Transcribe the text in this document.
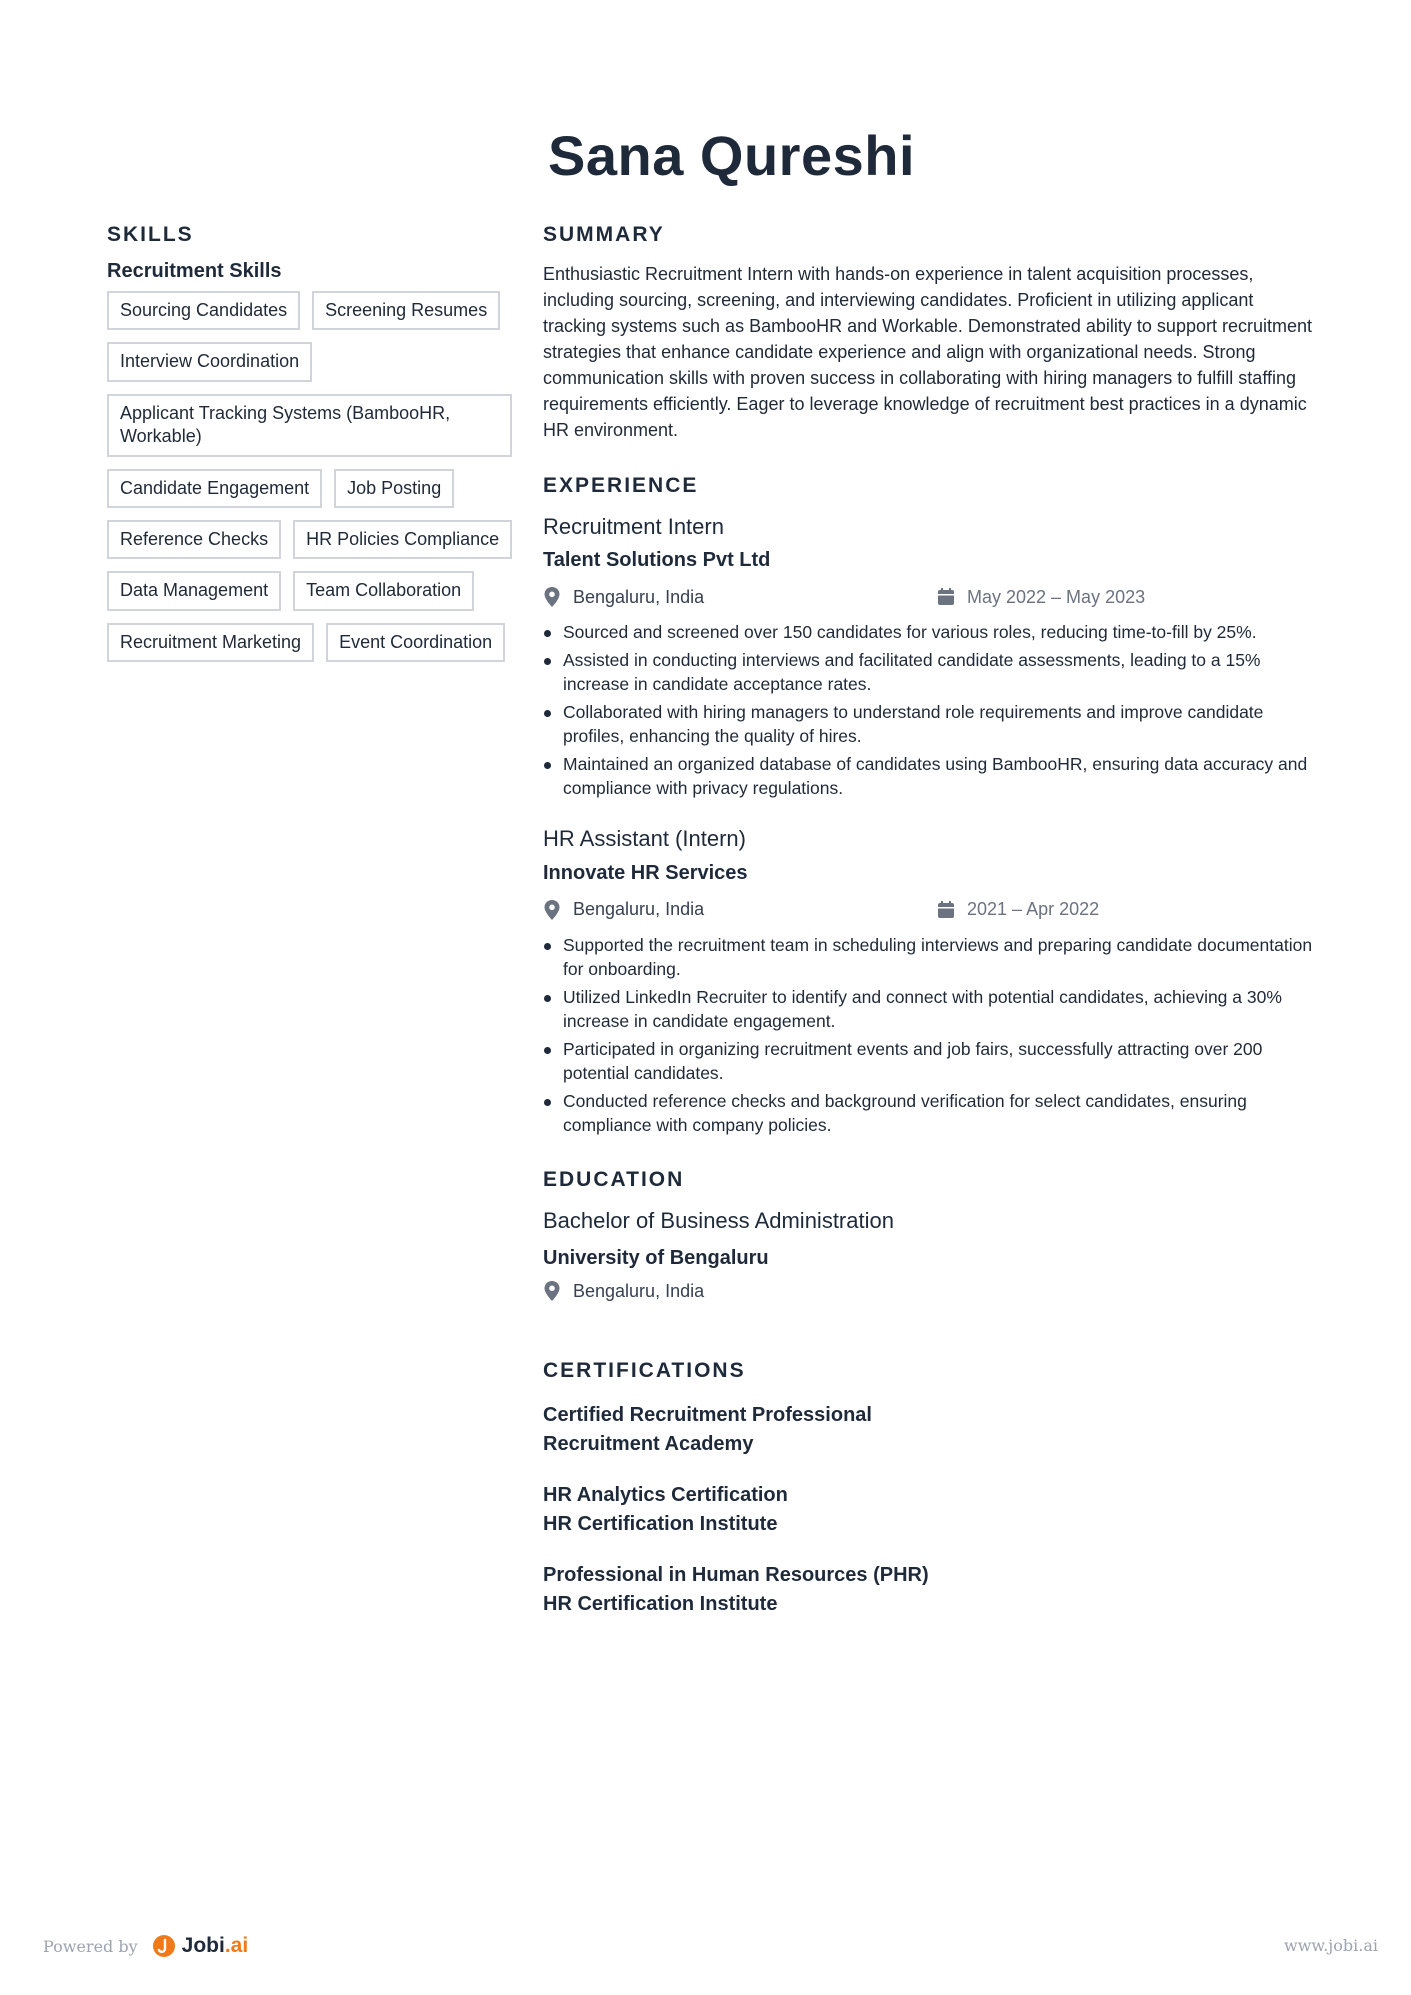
Sana Qureshi
SKILLS
Recruitment Skills
Sourcing Candidates	Screening Resumes
Interview Coordination
Applicant Tracking Systems (BambooHR, Workable)
Candidate Engagement	Job Posting
Reference Checks	HR Policies Compliance
Data Management	Team Collaboration
Recruitment Marketing	Event Coordination
SUMMARY

Enthusiastic Recruitment Intern with hands-on experience in talent acquisition processes, including sourcing, screening, and interviewing candidates. Proficient in utilizing applicant tracking systems such as BambooHR and Workable. Demonstrated ability to support recruitment strategies that enhance candidate experience and align with organizational needs. Strong communication skills with proven success in collaborating with hiring managers to fulfill staffing requirements efficiently. Eager to leverage knowledge of recruitment best practices in a dynamic HR environment.

EXPERIENCE
Recruitment Intern
Talent Solutions Pvt Ltd
Bengaluru, India	May 2022 – May 2023
Sourced and screened over 150 candidates for various roles, reducing time-to-fill by 25%.
Assisted in conducting interviews and facilitated candidate assessments, leading to a 15% increase in candidate acceptance rates.
Collaborated with hiring managers to understand role requirements and improve candidate profiles, enhancing the quality of hires.
Maintained an organized database of candidates using BambooHR, ensuring data accuracy and compliance with privacy regulations.
HR Assistant (Intern)
Innovate HR Services
Bengaluru, India	2021 – Apr 2022
Supported the recruitment team in scheduling interviews and preparing candidate documentation for onboarding.
Utilized LinkedIn Recruiter to identify and connect with potential candidates, achieving a 30% increase in candidate engagement.
Participated in organizing recruitment events and job fairs, successfully attracting over 200 potential candidates.
Conducted reference checks and background verification for select candidates, ensuring compliance with company policies.
EDUCATION
Bachelor of Business Administration
University of Bengaluru
Bengaluru, India
CERTIFICATIONS
Certified Recruitment Professional
Recruitment Academy
HR Analytics Certification
HR Certification Institute
Professional in Human Resources (PHR)
HR Certification Institute
Powered by Jobi.ai	www.jobi.ai
